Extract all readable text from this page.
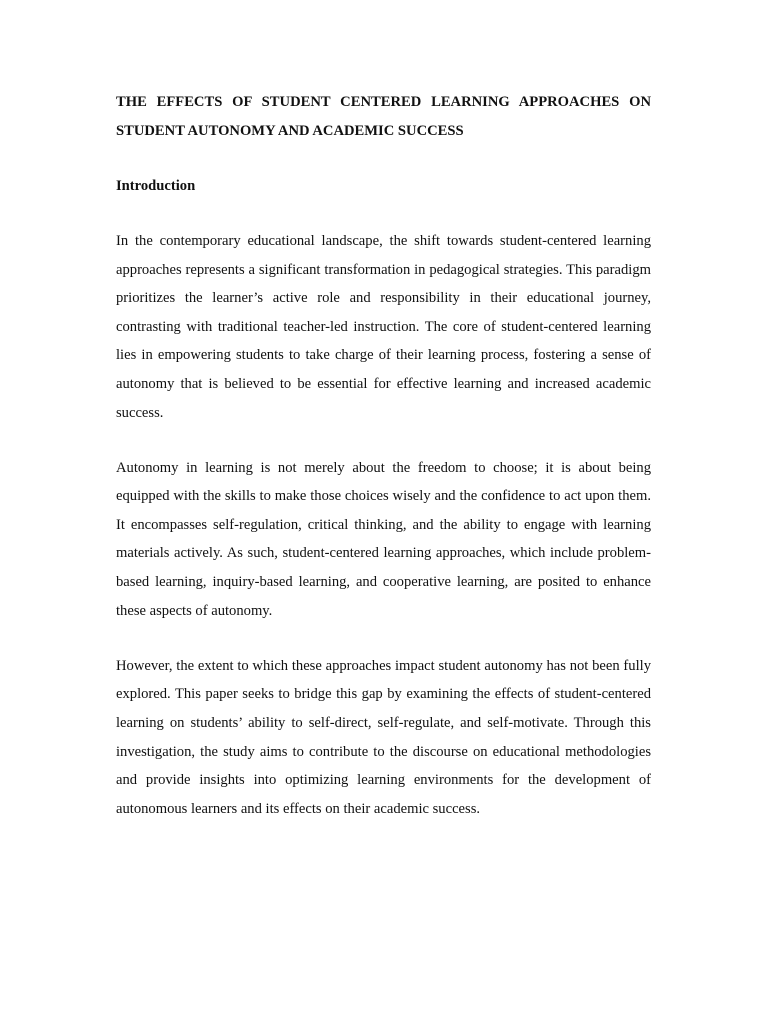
THE EFFECTS OF STUDENT CENTERED LEARNING APPROACHES ON STUDENT AUTONOMY AND ACADEMIC SUCCESS
Introduction

In the contemporary educational landscape, the shift towards student-centered learning approaches represents a significant transformation in pedagogical strategies. This paradigm prioritizes the learner’s active role and responsibility in their educational journey, contrasting with traditional teacher-led instruction. The core of student-centered learning lies in empowering students to take charge of their learning process, fostering a sense of autonomy that is believed to be essential for effective learning and increased academic success.

Autonomy in learning is not merely about the freedom to choose; it is about being equipped with the skills to make those choices wisely and the confidence to act upon them. It encompasses self-regulation, critical thinking, and the ability to engage with learning materials actively. As such, student-centered learning approaches, which include problem-based learning, inquiry-based learning, and cooperative learning, are posited to enhance these aspects of autonomy.

However, the extent to which these approaches impact student autonomy has not been fully explored. This paper seeks to bridge this gap by examining the effects of student-centered learning on students’ ability to self-direct, self-regulate, and self-motivate. Through this investigation, the study aims to contribute to the discourse on educational methodologies and provide insights into optimizing learning environments for the development of autonomous learners and its effects on their academic success.
